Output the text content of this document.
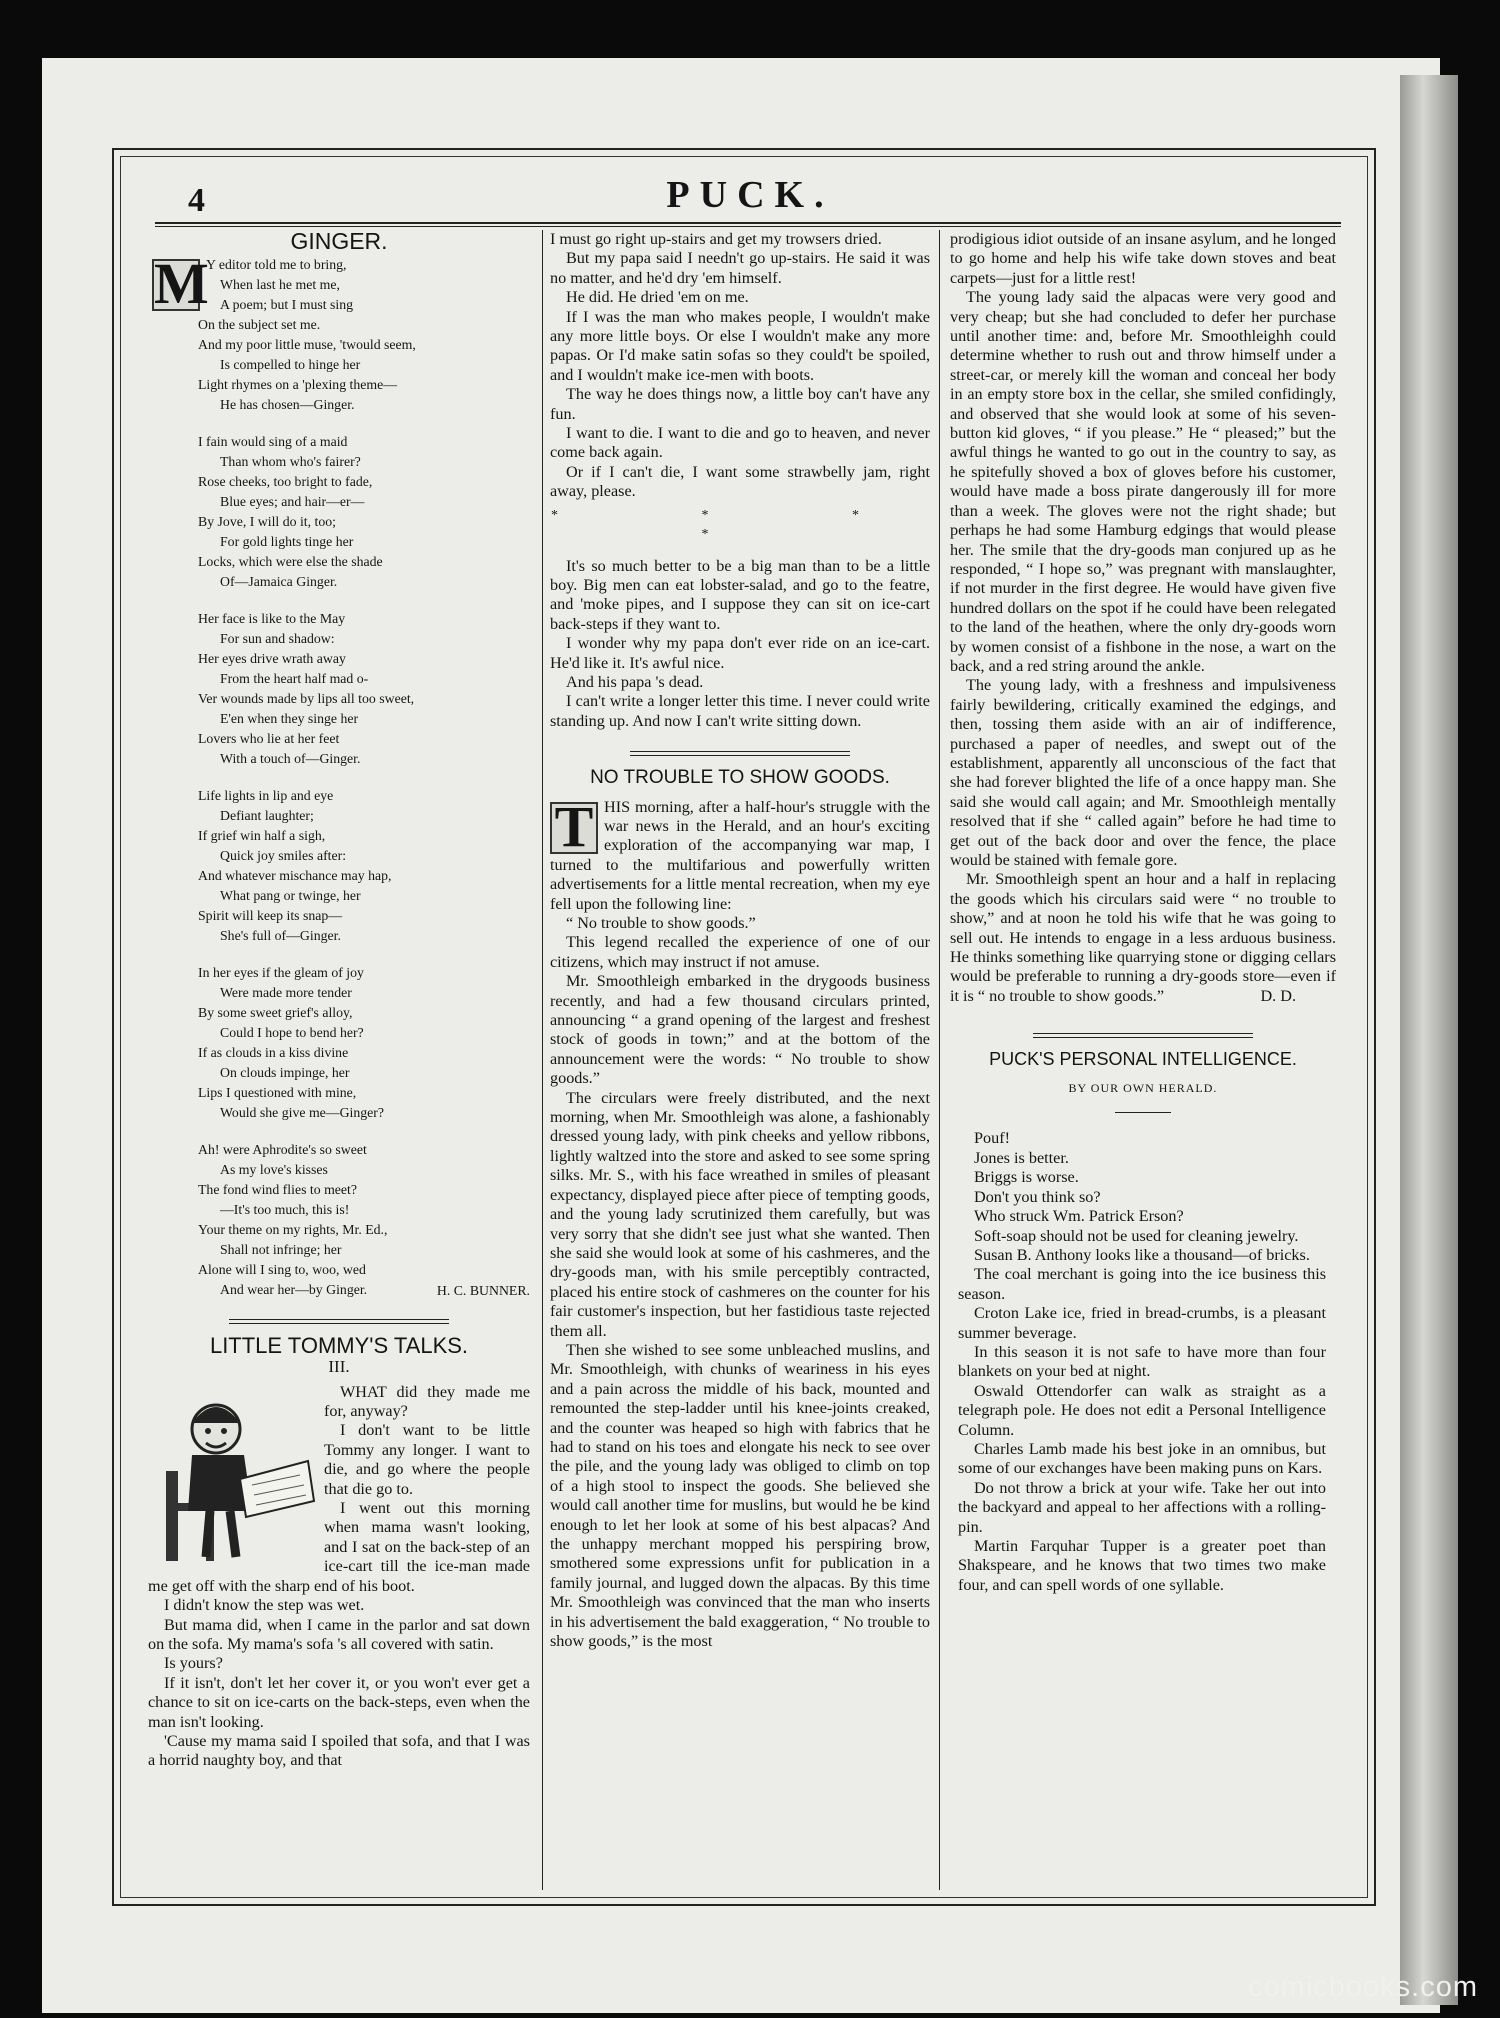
4	PUCK.
GINGER.
M
Y editor told me to bring,
When last he met me,
A poem; but I must sing
On the subject set me.
And my poor little muse, 'twould seem,
Is compelled to hinge her
Light rhymes on a 'plexing theme—
He has chosen—Ginger.
I fain would sing of a maid
Than whom who's fairer?
Rose cheeks, too bright to fade,
Blue eyes; and hair—er—
By Jove, I will do it, too;
For gold lights tinge her
Locks, which were else the shade
Of—Jamaica Ginger.
Her face is like to the May
For sun and shadow:
Her eyes drive wrath away
From the heart half mad o-
Ver wounds made by lips all too sweet,
E'en when they singe her
Lovers who lie at her feet
With a touch of—Ginger.
Life lights in lip and eye
Defiant laughter;
If grief win half a sigh,
Quick joy smiles after:
And whatever mischance may hap,
What pang or twinge, her
Spirit will keep its snap—
She's full of—Ginger.
In her eyes if the gleam of joy
Were made more tender
By some sweet grief's alloy,
Could I hope to bend her?
If as clouds in a kiss divine
On clouds impinge, her
Lips I questioned with mine,
Would she give me—Ginger?
Ah! were Aphrodite's so sweet
As my love's kisses
The fond wind flies to meet?
—It's too much, this is!
Your theme on my rights, Mr. Ed.,
Shall not infringe; her
Alone will I sing to, woo, wed
And wear her—by Ginger.	H. C. BUNNER.
LITTLE TOMMY'S TALKS.
III.

WHAT did they made me for, anyway?

I don't want to be little Tommy any longer. I want to die, and go where the people that die go to.

I went out this morning when mama wasn't looking, and I sat on the back-step of an ice-cart till the ice-man made me get off with the sharp end of his boot.

I didn't know the step was wet.

But mama did, when I came in the parlor and sat down on the sofa. My mama's sofa 's all covered with satin.

Is yours?

If it isn't, don't let her cover it, or you won't ever get a chance to sit on ice-carts on the back-steps, even when the man isn't looking.

'Cause my mama said I spoiled that sofa, and that I was a horrid naughty boy, and that

I must go right up-stairs and get my trowsers dried.

But my papa said I needn't go up-stairs. He said it was no matter, and he'd dry 'em himself.

He did. He dried 'em on me.

If I was the man who makes people, I wouldn't make any more little boys. Or else I wouldn't make any more papas. Or I'd make satin sofas so they could't be spoiled, and I wouldn't make ice-men with boots.

The way he does things now, a little boy can't have any fun.

I want to die. I want to die and go to heaven, and never come back again.

Or if I can't die, I want some strawbelly jam, right away, please.

* * * *

It's so much better to be a big man than to be a little boy. Big men can eat lobster-salad, and go to the featre, and 'moke pipes, and I suppose they can sit on ice-cart back-steps if they want to.

I wonder why my papa don't ever ride on an ice-cart. He'd like it. It's awful nice.

And his papa 's dead.

I can't write a longer letter this time. I never could write standing up. And now I can't write sitting down.

NO TROUBLE TO SHOW GOODS.
T HIS morning, after a half-hour's struggle with the war news in the Herald, and an hour's exciting exploration of the accompanying war map, I turned to the multifarious and powerfully written advertisements for a little mental recreation, when my eye fell upon the following line:

“ No trouble to show goods.”

This legend recalled the experience of one of our citizens, which may instruct if not amuse.

Mr. Smoothleigh embarked in the drygoods business recently, and had a few thousand circulars printed, announcing “ a grand opening of the largest and freshest stock of goods in town;” and at the bottom of the announcement were the words: “ No trouble to show goods.”

The circulars were freely distributed, and the next morning, when Mr. Smoothleigh was alone, a fashionably dressed young lady, with pink cheeks and yellow ribbons, lightly waltzed into the store and asked to see some spring silks. Mr. S., with his face wreathed in smiles of pleasant expectancy, displayed piece after piece of tempting goods, and the young lady scrutinized them carefully, but was very sorry that she didn't see just what she wanted. Then she said she would look at some of his cashmeres, and the dry-goods man, with his smile perceptibly contracted, placed his entire stock of cashmeres on the counter for his fair customer's inspection, but her fastidious taste rejected them all.

Then she wished to see some unbleached muslins, and Mr. Smoothleigh, with chunks of weariness in his eyes and a pain across the middle of his back, mounted and remounted the step-ladder until his knee-joints creaked, and the counter was heaped so high with fabrics that he had to stand on his toes and elongate his neck to see over the pile, and the young lady was obliged to climb on top of a high stool to inspect the goods. She believed she would call another time for muslins, but would he be kind enough to let her look at some of his best alpacas? And the unhappy merchant mopped his perspiring brow, smothered some expressions unfit for publication in a family journal, and lugged down the alpacas. By this time Mr. Smoothleigh was convinced that the man who inserts in his advertisement the bald exaggeration, “ No trouble to show goods,” is the most

prodigious idiot outside of an insane asylum, and he longed to go home and help his wife take down stoves and beat carpets—just for a little rest!

The young lady said the alpacas were very good and very cheap; but she had concluded to defer her purchase until another time: and, before Mr. Smoothleighh could determine whether to rush out and throw himself under a street-car, or merely kill the woman and conceal her body in an empty store box in the cellar, she smiled confidingly, and observed that she would look at some of his seven-button kid gloves, “ if you please.” He “ pleased;” but the awful things he wanted to go out in the country to say, as he spitefully shoved a box of gloves before his customer, would have made a boss pirate dangerously ill for more than a week. The gloves were not the right shade; but perhaps he had some Hamburg edgings that would please her. The smile that the dry-goods man conjured up as he responded, “ I hope so,” was pregnant with manslaughter, if not murder in the first degree. He would have given five hundred dollars on the spot if he could have been relegated to the land of the heathen, where the only dry-goods worn by women consist of a fishbone in the nose, a wart on the back, and a red string around the ankle.

The young lady, with a freshness and impulsiveness fairly bewildering, critically examined the edgings, and then, tossing them aside with an air of indifference, purchased a paper of needles, and swept out of the establishment, apparently all unconscious of the fact that she had forever blighted the life of a once happy man. She said she would call again; and Mr. Smoothleigh mentally resolved that if she “ called again” before he had time to get out of the back door and over the fence, the place would be stained with female gore.

Mr. Smoothleigh spent an hour and a half in replacing the goods which his circulars said were “ no trouble to show,” and at noon he told his wife that he was going to sell out. He intends to engage in a less arduous business. He thinks something like quarrying stone or digging cellars would be preferable to running a dry-goods store—even if it is “ no trouble to show goods.”	D. D.
PUCK'S PERSONAL INTELLIGENCE.
BY OUR OWN HERALD.

Pouf!

Jones is better.

Briggs is worse.

Don't you think so?

Who struck Wm. Patrick Erson?

Soft-soap should not be used for cleaning jewelry.

Susan B. Anthony looks like a thousand—of bricks.

The coal merchant is going into the ice business this season.

Croton Lake ice, fried in bread-crumbs, is a pleasant summer beverage.

In this season it is not safe to have more than four blankets on your bed at night.

Oswald Ottendorfer can walk as straight as a telegraph pole. He does not edit a Personal Intelligence Column.

Charles Lamb made his best joke in an omnibus, but some of our exchanges have been making puns on Kars.

Do not throw a brick at your wife. Take her out into the backyard and appeal to her affections with a rolling-pin.

Martin Farquhar Tupper is a greater poet than Shakspeare, and he knows that two times two make four, and can spell words of one syllable.

comicbooks.com
